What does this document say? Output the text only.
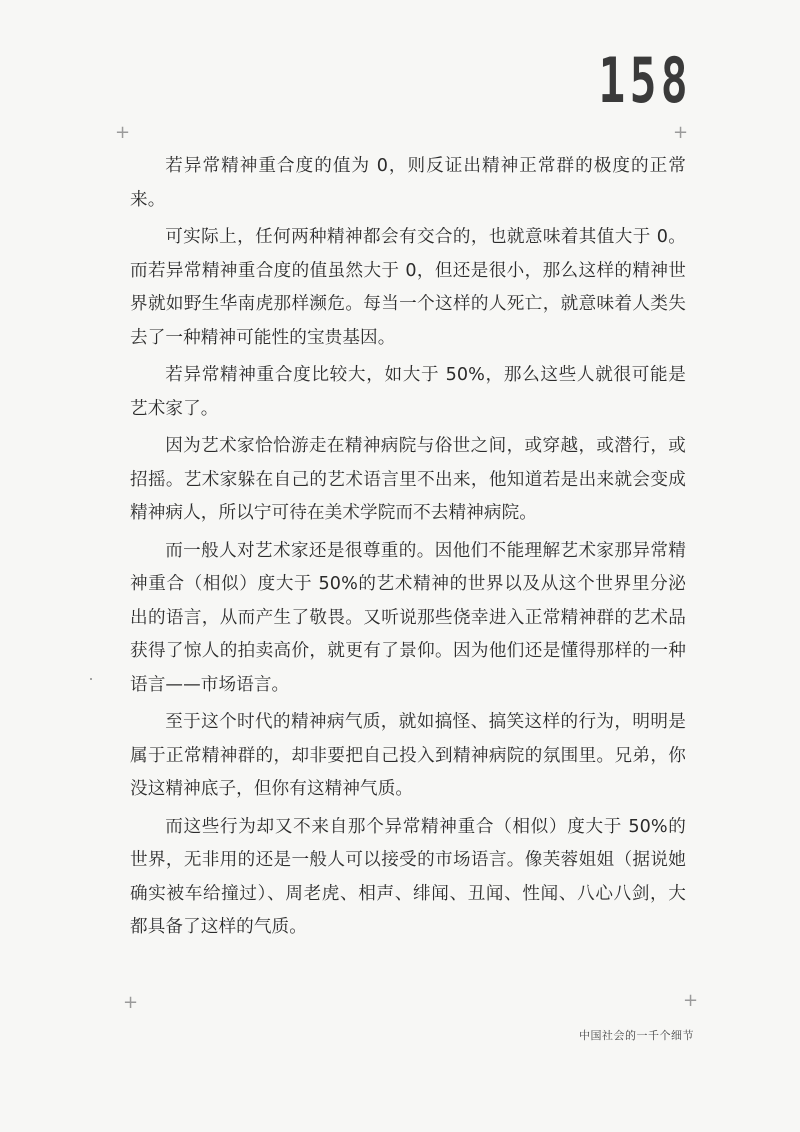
158
+	+

若异常精神重合度的值为 0，则反证出精神正常群的极度的正常来。

可实际上，任何两种精神都会有交合的，也就意味着其值大于 0。而若异常精神重合度的值虽然大于 0，但还是很小，那么这样的精神世界就如野生华南虎那样濒危。每当一个这样的人死亡，就意味着人类失去了一种精神可能性的宝贵基因。

若异常精神重合度比较大，如大于 50%，那么这些人就很可能是艺术家了。

因为艺术家恰恰游走在精神病院与俗世之间，或穿越，或潜行，或招摇。艺术家躲在自己的艺术语言里不出来，他知道若是出来就会变成精神病人，所以宁可待在美术学院而不去精神病院。

而一般人对艺术家还是很尊重的。因他们不能理解艺术家那异常精神重合（相似）度大于 50%的艺术精神的世界以及从这个世界里分泌出的语言，从而产生了敬畏。又听说那些侥幸进入正常精神群的艺术品获得了惊人的拍卖高价，就更有了景仰。因为他们还是懂得那样的一种语言——市场语言。

至于这个时代的精神病气质，就如搞怪、搞笑这样的行为，明明是属于正常精神群的，却非要把自己投入到精神病院的氛围里。兄弟，你没这精神底子，但你有这精神气质。

而这些行为却又不来自那个异常精神重合（相似）度大于 50%的世界，无非用的还是一般人可以接受的市场语言。像芙蓉姐姐（据说她确实被车给撞过）、周老虎、相声、绯闻、丑闻、性闻、八心八剑，大都具备了这样的气质。

+	+
中国社会的一千个细节
